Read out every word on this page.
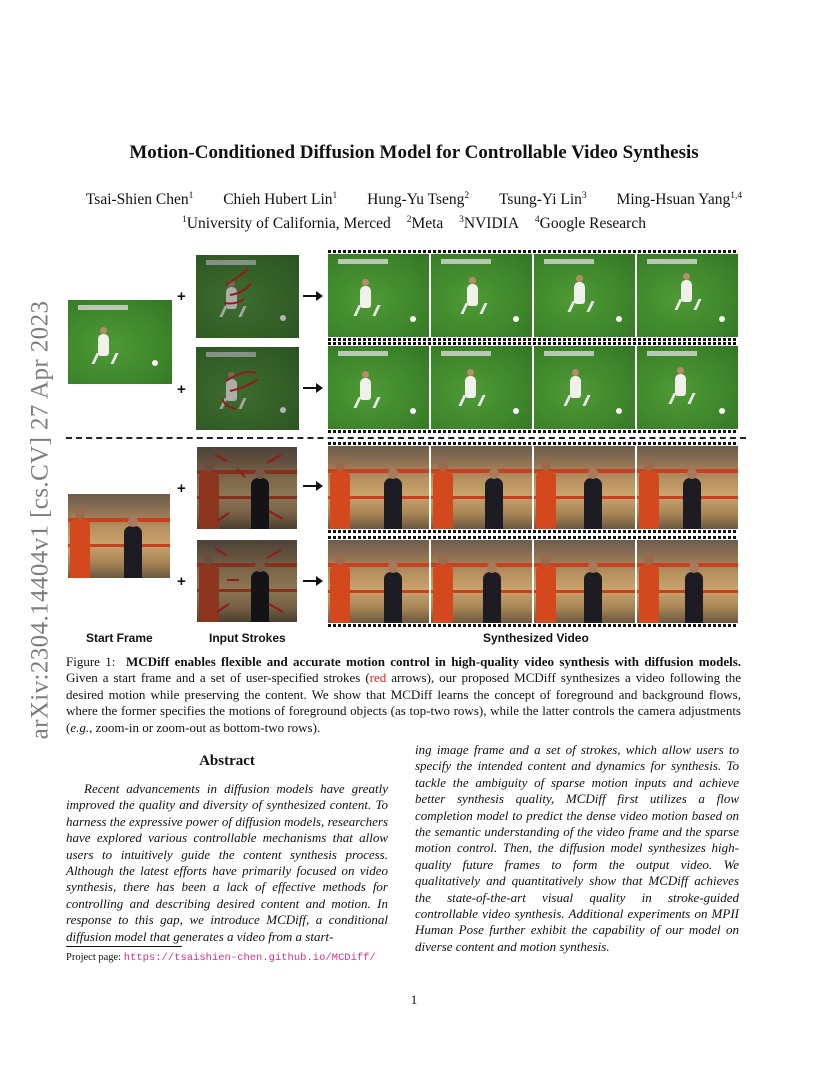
arXiv:2304.14404v1 [cs.CV] 27 Apr 2023
Motion-Conditioned Diffusion Model for Controllable Video Synthesis
Tsai-Shien Chen$^1$ Chieh Hubert Lin$^1$ Hung-Yu Tseng$^2$ Tsung-Yi Lin$^3$ Ming-Hsuan Yang$^{1,4}$
$^1$University of California, Merced $^2$Meta $^3$NVIDIA $^4$Google Research
+
+
+
+
Start Frame	Input Strokes	Synthesized Video
Figure 1: MCDiff enables flexible and accurate motion control in high-quality video synthesis with diffusion models. Given a start frame and a set of user-specified strokes (red arrows), our proposed MCDiff synthesizes a video following the desired motion while preserving the content. We show that MCDiff learns the concept of foreground and background flows, where the former specifies the motions of foreground objects (as top-two rows), while the latter controls the camera adjustments (e.g., zoom-in or zoom-out as bottom-two rows).
Abstract
Recent advancements in diffusion models have greatly improved the quality and diversity of synthesized content. To harness the expressive power of diffusion models, researchers have explored various controllable mechanisms that allow users to intuitively guide the content synthesis process. Although the latest efforts have primarily focused on video synthesis, there has been a lack of effective methods for controlling and describing desired content and motion. In response to this gap, we introduce MCDiff, a conditional diffusion model that generates a video from a start-
ing image frame and a set of strokes, which allow users to specify the intended content and dynamics for synthesis. To tackle the ambiguity of sparse motion inputs and achieve better synthesis quality, MCDiff first utilizes a flow completion model to predict the dense video motion based on the semantic understanding of the video frame and the sparse motion control. Then, the diffusion model synthesizes high-quality future frames to form the output video. We qualitatively and quantitatively show that MCDiff achieves the state-of-the-art visual quality in stroke-guided controllable video synthesis. Additional experiments on MPII Human Pose further exhibit the capability of our model on diverse content and motion synthesis.
Project page: https://tsaishien-chen.github.io/MCDiff/
1
